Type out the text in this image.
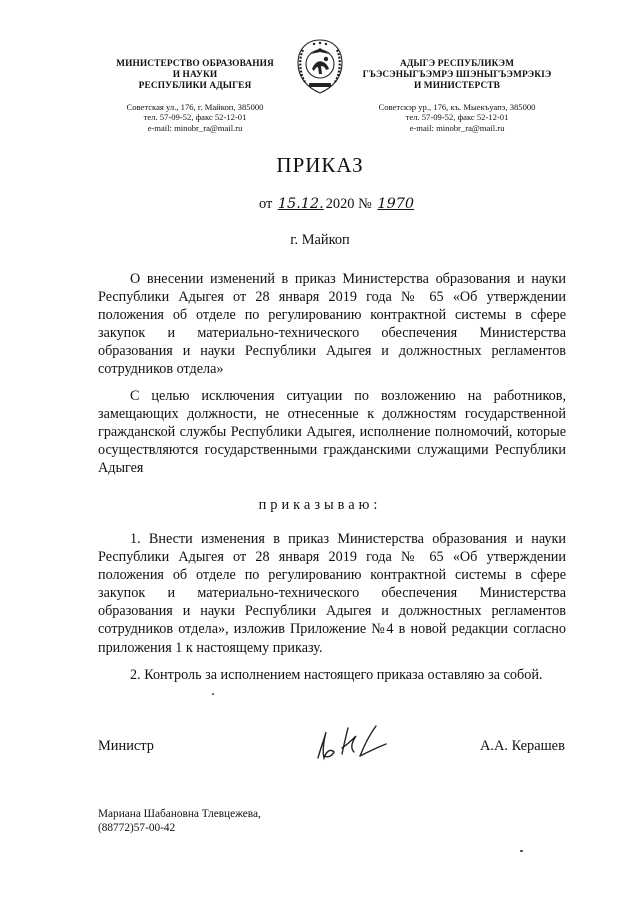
МИНИСТЕРСТВО ОБРАЗОВАНИЯ
И НАУКИ
РЕСПУБЛИКИ АДЫГЕЯ
Советская ул., 176, г. Майкоп, 385000
тел. 57-09-52, факс 52-12-01
e-mail: minobr_ra@mail.ru
АДЫГЭ РЕСПУБЛИКЭМ
ГЪЭСЭНЫГЪЭМРЭ ШІЭНЫГЪЭМРЭКІЭ
И МИНИСТЕРСТВ
Советскэр ур., 176, къ. Мыекъуапэ, 385000
тел. 57-09-52, факс 52-12-01
e-mail: minobr_ra@mail.ru
ПРИКАЗ
от 15.12. 2020 № 1970
г. Майкоп

О внесении изменений в приказ Министерства образования и науки Республики Адыгея от 28 января 2019 года № 65 «Об утверждении положения об отделе по регулированию контрактной системы в сфере закупок и материально-технического обеспечения Министерства образования и науки Республики Адыгея и должностных регламентов сотрудников отдела»

С целью исключения ситуации по возложению на работников, замещающих должности, не отнесенные к должностям государственной гражданской службы Республики Адыгея, исполнение полномочий, которые осуществляются государственными гражданскими служащими Республики Адыгея

приказываю:

1. Внести изменения в приказ Министерства образования и науки Республики Адыгея от 28 января 2019 года № 65 «Об утверждении положения об отделе по регулированию контрактной системы в сфере закупок и материально-технического обеспечения Министерства образования и науки Республики Адыгея и должностных регламентов сотрудников отдела», изложив Приложение №4 в новой редакции согласно приложения 1 к настоящему приказу.

2. Контроль за исполнением настоящего приказа оставляю за собой.

Министр	А.А. Керашев
Мариана Шабановна Тлевцежева,
(88772)57-00-42
